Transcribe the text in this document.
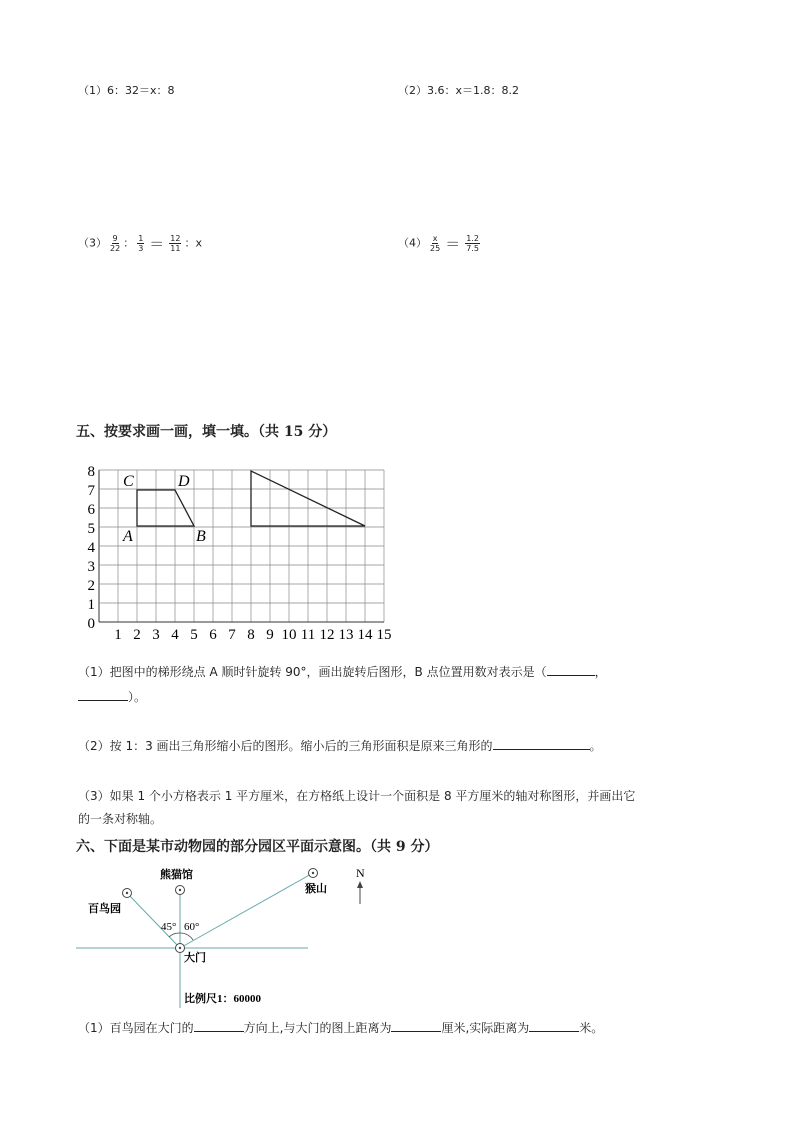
（1）6：32＝x：8	（2）3.6：x＝1.8：8.2
$(3) \frac{9}{22}$ ： $\frac{1}{3} = \frac{12}{11}$ ：x	$(4) \frac{x}{25} = \frac{1.2}{7.5}$
五、按要求画一画，填一填。（共 15 分）
1 2 3 4 5 6 7 8 9 10 11 12 13 14 15
0
1
2
3
4
5
6
7
8
A	B
C	D
（1）把图中的梯形绕点 A 顺时针旋转 90°，画出旋转后图形，B 点位置用数对表示是（	，
）。
（2）按 1：3 画出三角形缩小后的图形。缩小后的三角形面积是原来三角形的	。
（3）如果 1 个小方格表示 1 平方厘米，在方格纸上设计一个面积是 8 平方厘米的轴对称图形，并画出它
的一条对称轴。
六、下面是某市动物园的部分园区平面示意图。（共 9 分）
百鸟园
熊猫馆
猴山
大门
45° 60°
N
比例尺1：60000
（1）百鸟园在大门的	方向上,与大门的图上距离为	厘米,实际距离为	米。
